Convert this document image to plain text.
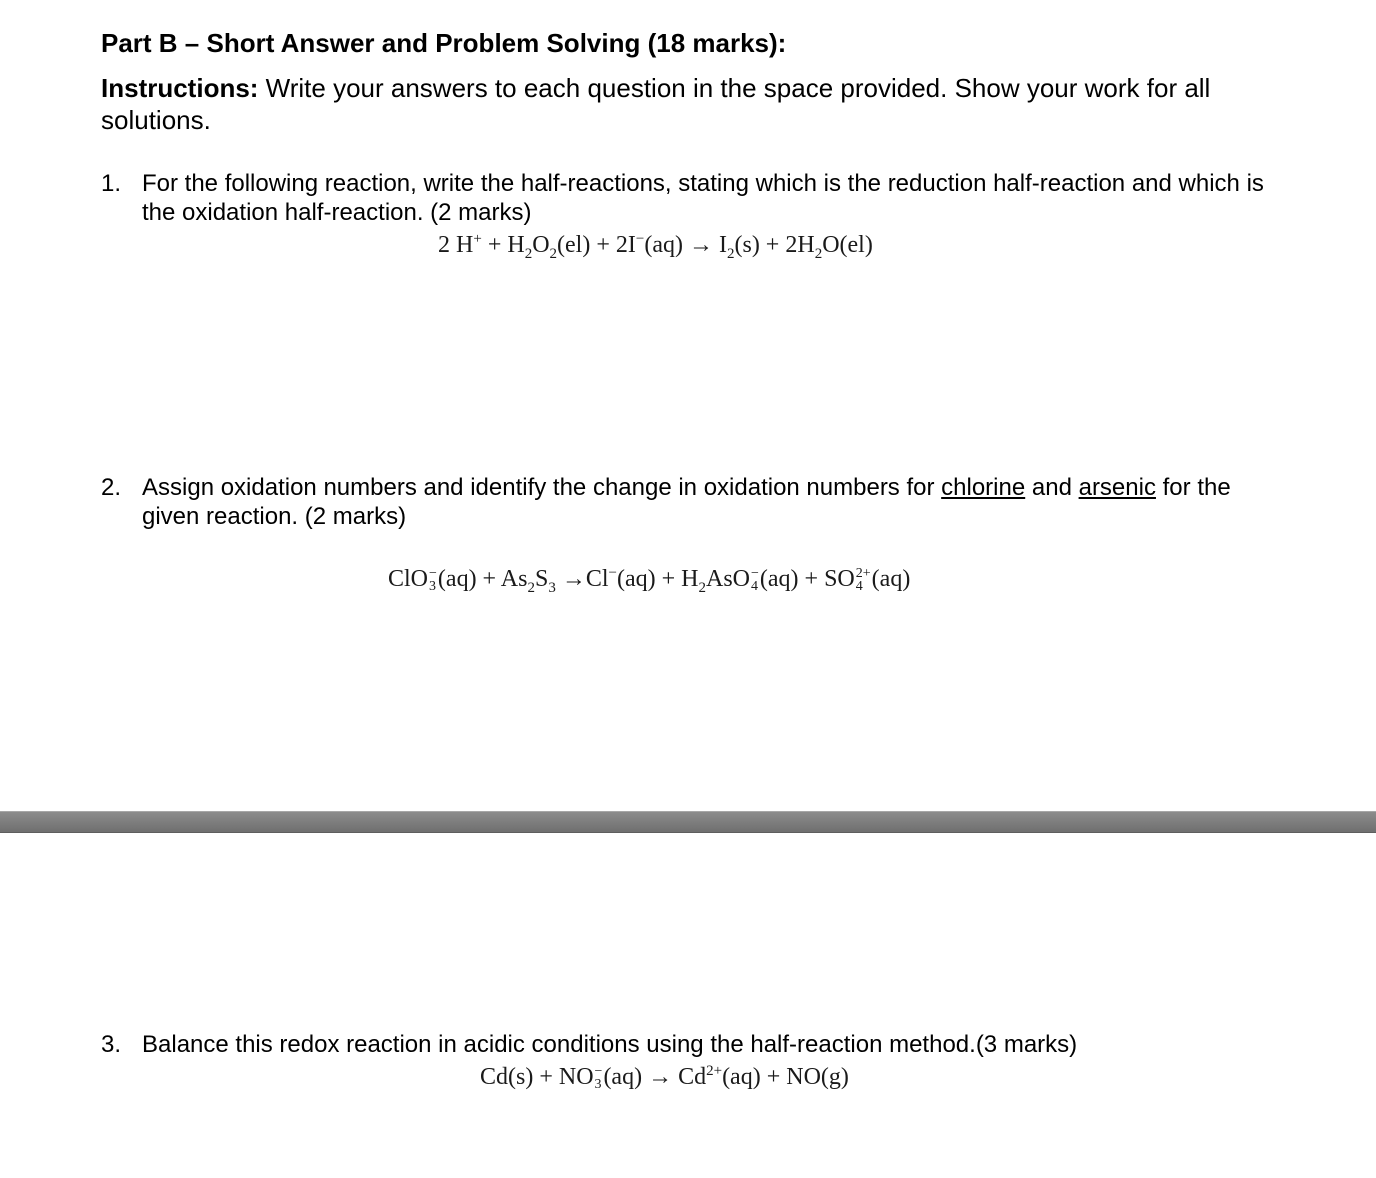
Part B – Short Answer and Problem Solving (18 marks):

Instructions: Write your answers to each question in the space provided. Show your work for all solutions.

1. For the following reaction, write the half-reactions, stating which is the reduction half-reaction and which is the oxidation half-reaction. (2 marks)
2 $H^+ + H_2O_2(el) + 2I^-(aq) \to I_2(s) + 2H_2O(el)$
2. Assign oxidation numbers and identify the change in oxidation numbers for chlorine and arsenic for the given reaction. (2 marks)
ClO −
3 $(aq) + As_2S_3 \to Cl^-(aq) + H_2AsO$ −
4 (aq) + SO 2+
4 (aq)
3. Balance this redox reaction in acidic conditions using the half-reaction method.(3 marks)
Cd(s) + NO −
3 $(aq) \to Cd^{2+}(aq) + NO(g)$
